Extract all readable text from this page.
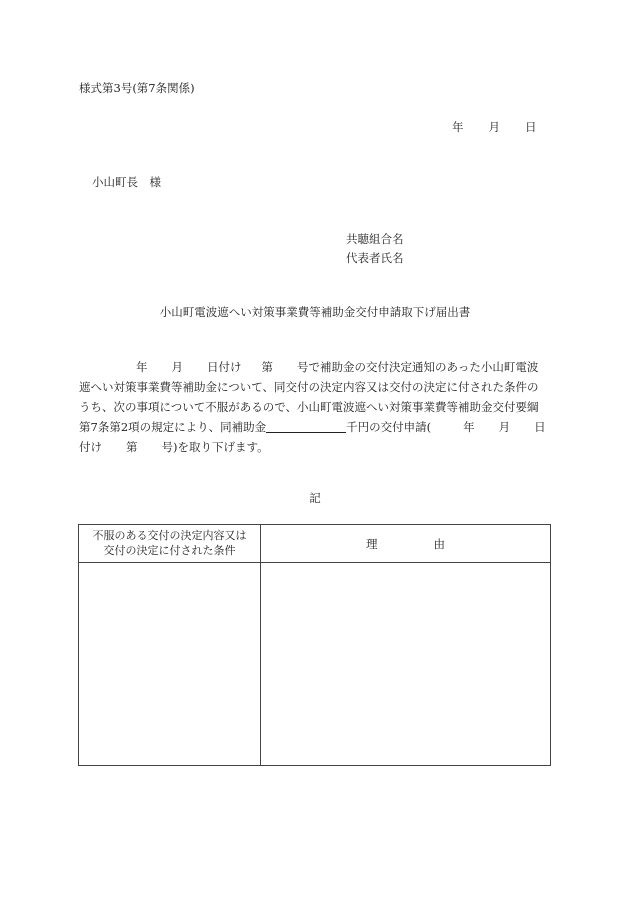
様式第3号(第7条関係)
年 月 日
小山町長　様
共聴組合名
代表者氏名
小山町電波遮へい対策事業費等補助金交付申請取下げ届出書
年 月 日付け 第 号で補助金の交付決定通知のあった小山町電波
遮へい対策事業費等補助金について、同交付の決定内容又は交付の決定に付された条件の
うち、次の事項について不服があるので、小山町電波遮へい対策事業費等補助金交付要綱
第7条第2項の規定により、同補助金	千円の交付申請(	年 月 日
付け 第 号)を取り下げます。
記
不服のある交付の決定内容又は
交付の決定に付された条件	理	由
